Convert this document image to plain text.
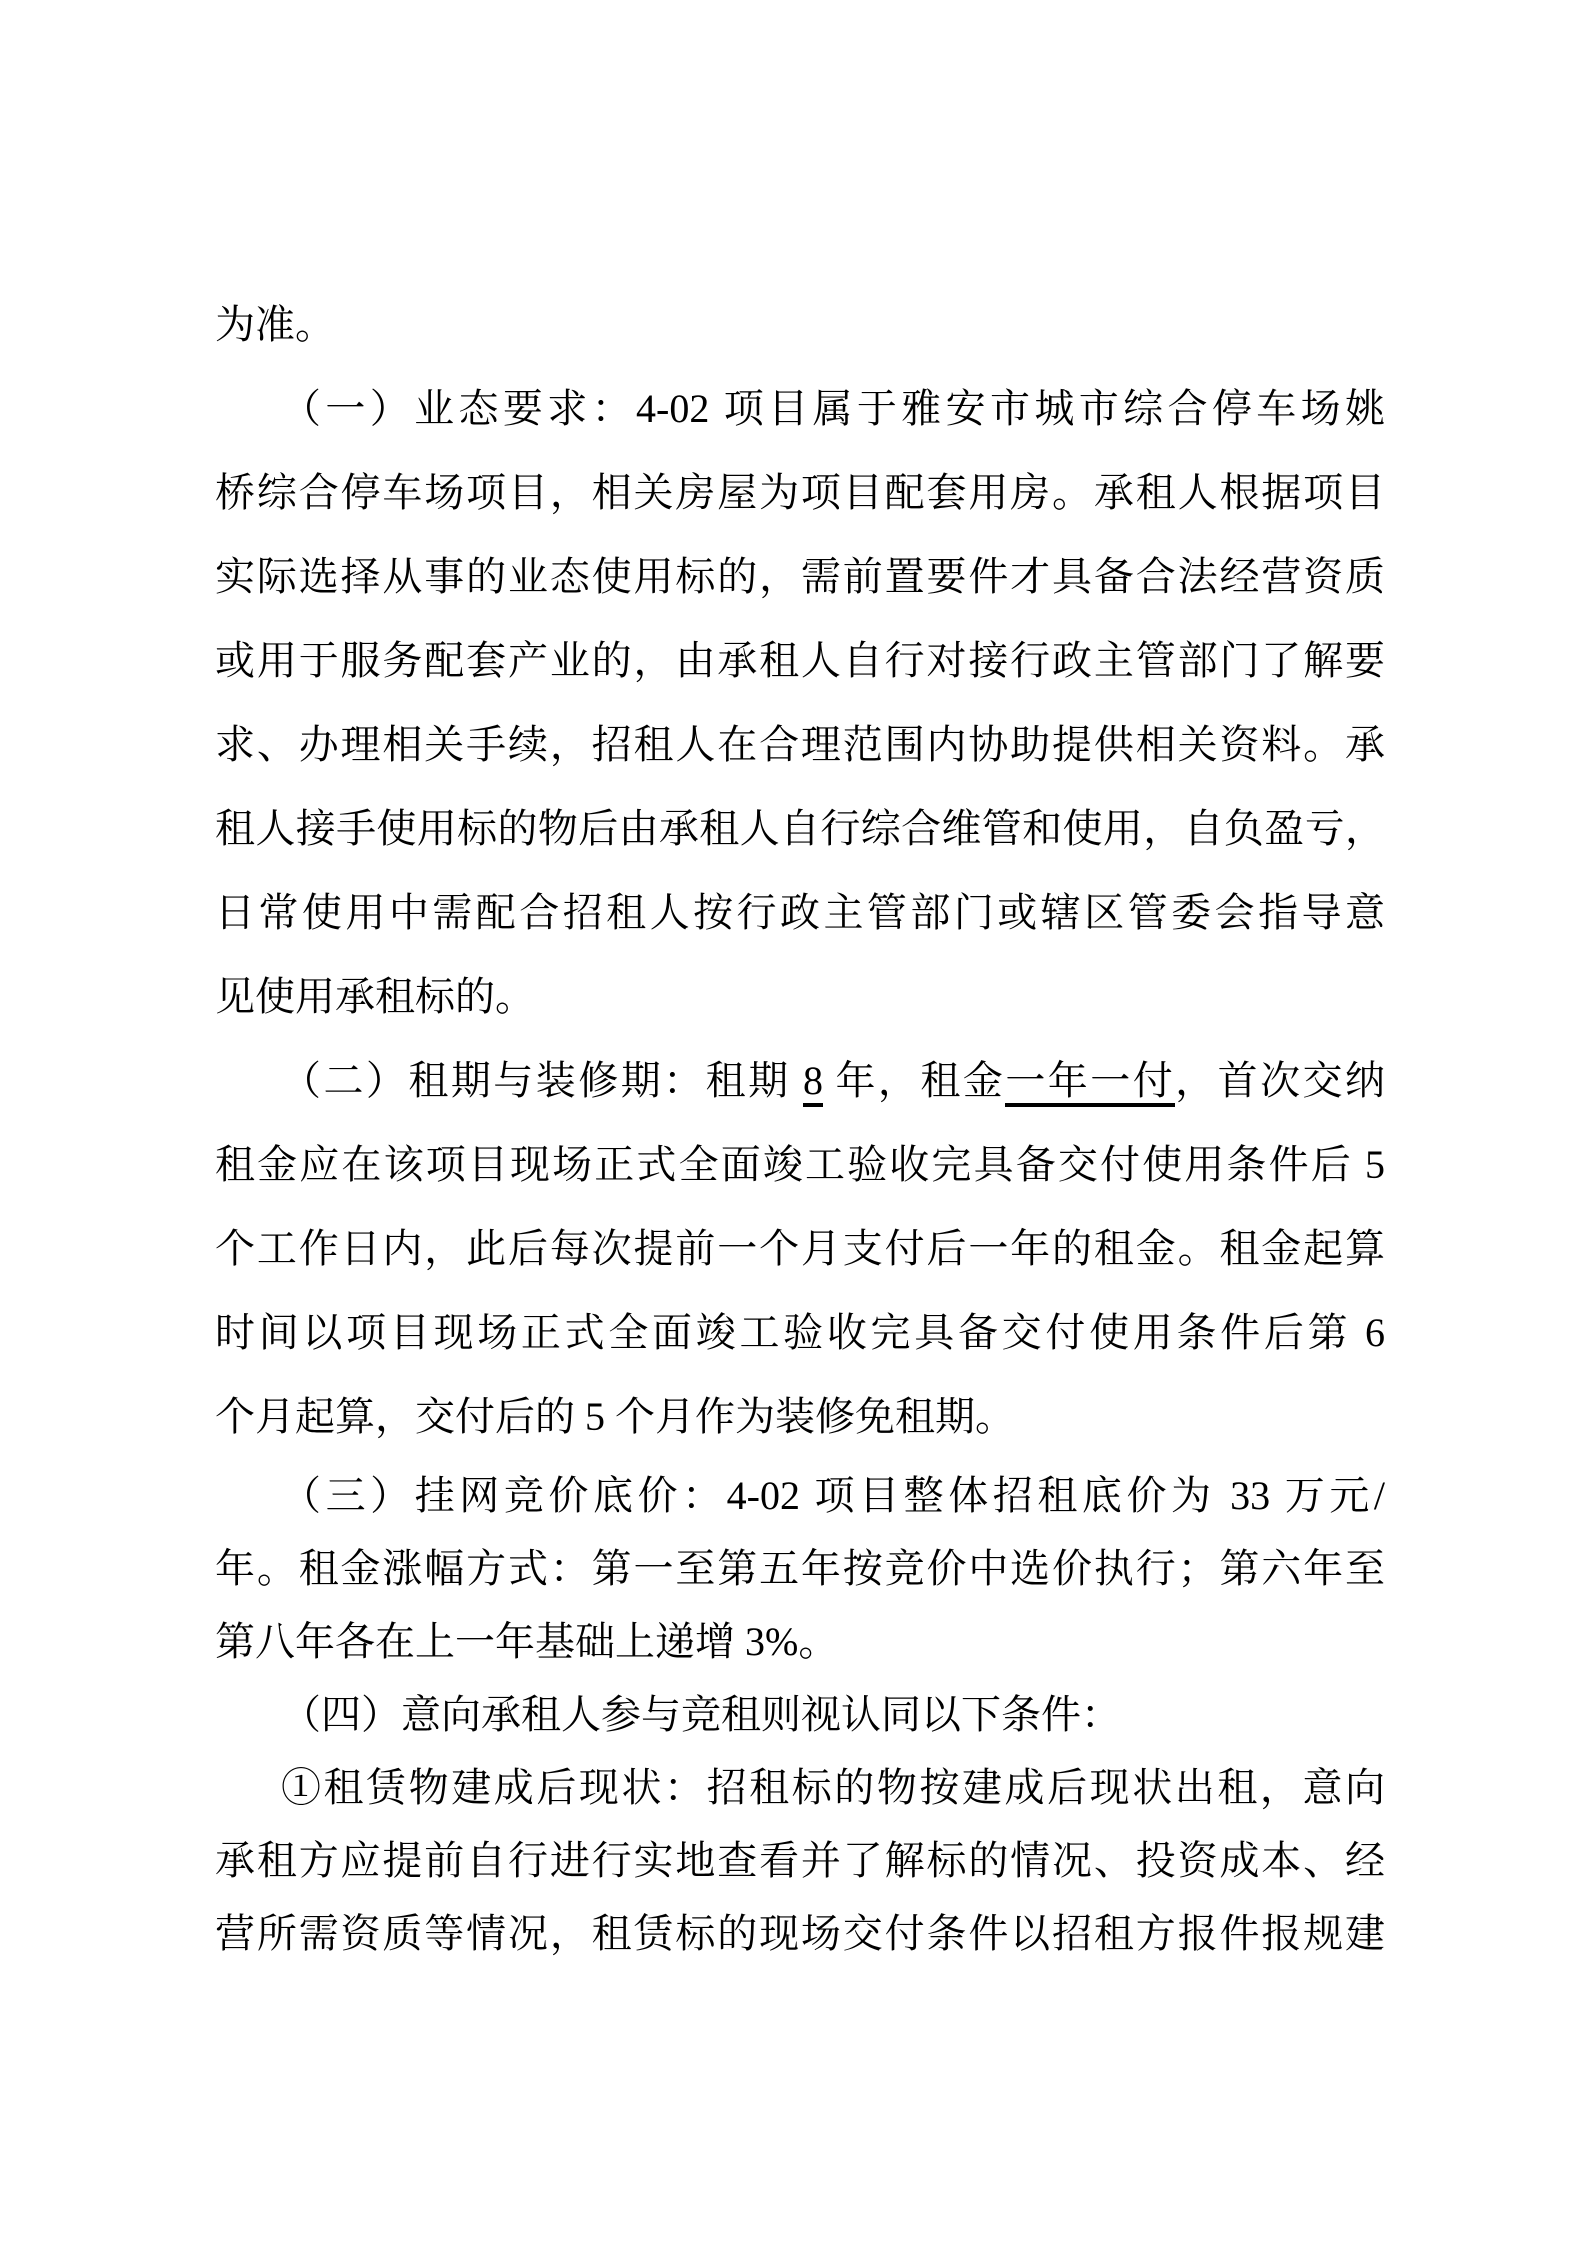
为准。
（一）业态要求：4-02 项目属于雅安市城市综合停车场姚
桥综合停车场项目，相关房屋为项目配套用房。承租人根据项目
实际选择从事的业态使用标的，需前置要件才具备合法经营资质
或用于服务配套产业的，由承租人自行对接行政主管部门了解要
求、办理相关手续，招租人在合理范围内协助提供相关资料。承
租人接手使用标的物后由承租人自行综合维管和使用，自负盈亏，
日常使用中需配合招租人按行政主管部门或辖区管委会指导意
见使用承租标的。
（二）租期与装修期：租期 8 年，租金一年一付，首次交纳
租金应在该项目现场正式全面竣工验收完具备交付使用条件后 5
个工作日内，此后每次提前一个月支付后一年的租金。租金起算
时间以项目现场正式全面竣工验收完具备交付使用条件后第 6
个月起算，交付后的 5 个月作为装修免租期。
（三）挂网竞价底价：4-02 项目整体招租底价为 33 万元/
年。租金涨幅方式：第一至第五年按竞价中选价执行；第六年至
第八年各在上一年基础上递增 3%。
（四）意向承租人参与竞租则视认同以下条件：
①租赁物建成后现状：招租标的物按建成后现状出租，意向
承租方应提前自行进行实地查看并了解标的情况、投资成本、经
营所需资质等情况，租赁标的现场交付条件以招租方报件报规建
